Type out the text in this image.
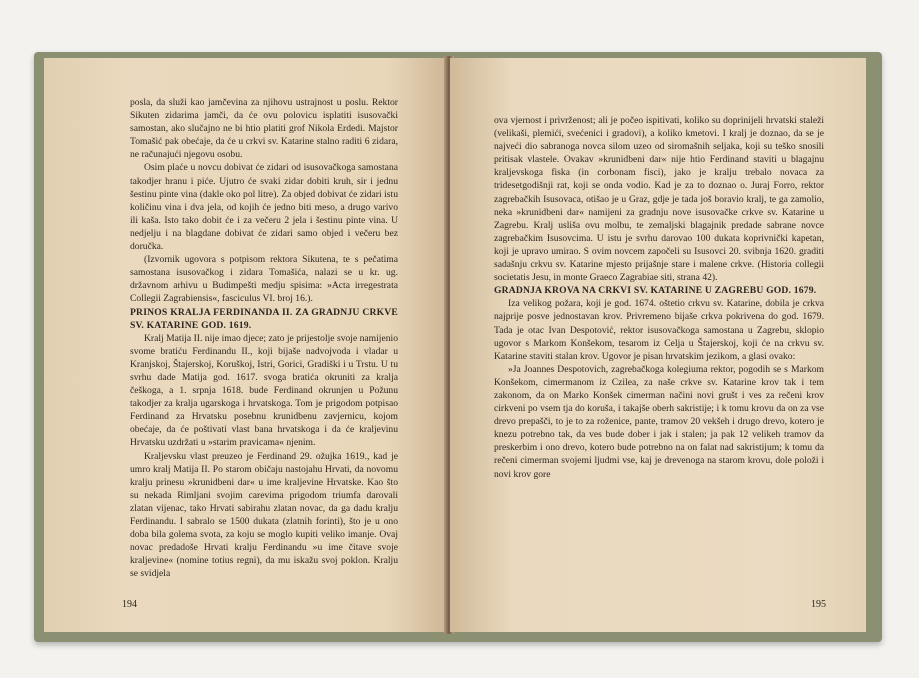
posla, da služi kao jamčevina za njihovu ustrajnost u poslu. Rektor Sikuten zidarima jamči, da će ovu polovicu isplatiti isusovački samostan, ako slučajno ne bi htio platiti grof Nikola Erdedi. Majstor Tomašić pak obećaje, da će u crkvi sv. Katarine stalno raditi 6 zidara, ne računajući njegovu osobu.

Osim plaće u novcu dobivat će zidari od isusovačkoga samostana takodjer hranu i piće. Ujutro će svaki zidar dobiti kruh, sir i jednu šestinu pinte vina (dakle oko pol litre). Za objed dobivat će zidari istu količinu vina i dva jela, od kojih će jedno biti meso, a drugo varivo ili kaša. Isto tako dobit će i za večeru 2 jela i šestinu pinte vina. U nedjelju i na blagdane dobivat će zidari samo objed i večeru bez doručka.

(Izvornik ugovora s potpisom rektora Sikutena, te s pečatima samostana isusovačkog i zidara Tomašića, nalazi se u kr. ug. državnom arhivu u Budimpešti medju spisima: »Acta irregestrata Collegii Zagrabiensis«, fasciculus VI. broj 16.).

PRINOS KRALJA FERDINANDA II. ZA GRADNJU CRKVE SV. KATARINE GOD. 1619.

Kralj Matija II. nije imao djece; zato je prijestolje svoje namijenio svome bratiću Ferdinandu II., koji bijaše nadvojvoda i vladar u Kranjskoj, Štajerskoj, Koruškoj, Istri, Gorici, Gradiški i u Trstu. U tu svrhu dade Matija god. 1617. svoga bratića okruniti za kralja češkoga, a 1. srpnja 1618. bude Ferdinand okrunjen u Požunu takodjer za kralja ugarskoga i hrvatskoga. Tom je prigodom potpisao Ferdinand za Hrvatsku posebnu krunidbenu zavjernicu, kojom obećaje, da će poštivati vlast bana hrvatskoga i da će kraljevinu Hrvatsku uzdržati u »starim pravicama« njenim.

Kraljevsku vlast preuzeo je Ferdinand 29. ožujka 1619., kad je umro kralj Matija II. Po starom običaju nastojahu Hrvati, da novomu kralju prinesu »krunidbeni dar« u ime kraljevine Hrvatske. Kao što su nekada Rimljani svojim carevima prigodom triumfa darovali zlatan vijenac, tako Hrvati sabirahu zlatan novac, da ga dadu kralju Ferdinandu. I sabralo se 1500 dukata (zlatnih forinti), što je u ono doba bila golema svota, za koju se moglo kupiti veliko imanje. Ovaj novac predadoše Hrvati kralju Ferdinandu »u ime čitave svoje kraljevine« (nomine totius regni), da mu iskažu svoj poklon. Kralju se svidjela

194

ova vjernost i privrženost; ali je počeo ispitivati, koliko su doprinijeli hrvatski staleži (velikaši, plemići, svećenici i gradovi), a koliko kmetovi. I kralj je doznao, da se je najveći dio sabranoga novca silom uzeo od siromašnih seljaka, koji su teško snosili pritisak vlastele. Ovakav »krunidbeni dar« nije htio Ferdinand staviti u blagajnu kraljevskoga fiska (in corbonam fisci), jako je kralju trebalo novaca za tridesetgodišnji rat, koji se onda vodio. Kad je za to doznao o. Juraj Forro, rektor zagrebačkih Isusovaca, otišao je u Graz, gdje je tada još boravio kralj, te ga zamolio, neka »krunidbeni dar« namijeni za gradnju nove isusovačke crkve sv. Katarine u Zagrebu. Kralj usliša ovu molbu, te zemaljski blagajnik predade sabrane novce zagrebačkim Isusovcima. U istu je svrhu darovao 100 dukata koprivnički kapetan, koji je upravo umirao. S ovim novcem započeli su Isusovci 20. svibnja 1620. graditi sadašnju crkvu sv. Katarine mjesto prijašnje stare i malene crkve. (Historia collegii societatis Jesu, in monte Graeco Zagrabiae siti, strana 42).

GRADNJA KROVA NA CRKVI SV. KATARINE U ZAGREBU GOD. 1679.

Iza velikog požara, koji je god. 1674. oštetio crkvu sv. Katarine, dobila je crkva najprije posve jednostavan krov. Privremeno bijaše crkva pokrivena do god. 1679. Tada je otac Ivan Despotović, rektor isusovačkoga samostana u Zagrebu, sklopio ugovor s Markom Konšekom, tesarom iz Celja u Štajerskoj, koji će na crkvu sv. Katarine staviti stalan krov. Ugovor je pisan hrvatskim jezikom, a glasi ovako:

»Ja Joannes Despotovich, zagrebačkoga kolegiuma rektor, pogodih se s Markom Konšekom, cimermanom iz Czilea, za naše crkve sv. Katarine krov tak i tem zakonom, da on Marko Konšek cimerman načini novi grušt i ves za rečeni krov cirkveni po vsem tja do koruša, i takajše oberh sakristije; i k tomu krovu da on za vse drevo prepašči, to je to za roženice, pante, tramov 20 vekšeh i drugo drevo, kotero je knezu potrebno tak, da ves bude dober i jak i stalen; ja pak 12 velikeh tramov da preskerbim i ono drevo, kotero bude potrebno na on falat nad sakristijum; k tomu da rečeni cimerman svojemi ljudmi vse, kaj je drevenoga na starom krovu, dole položi i novi krov gore

195
